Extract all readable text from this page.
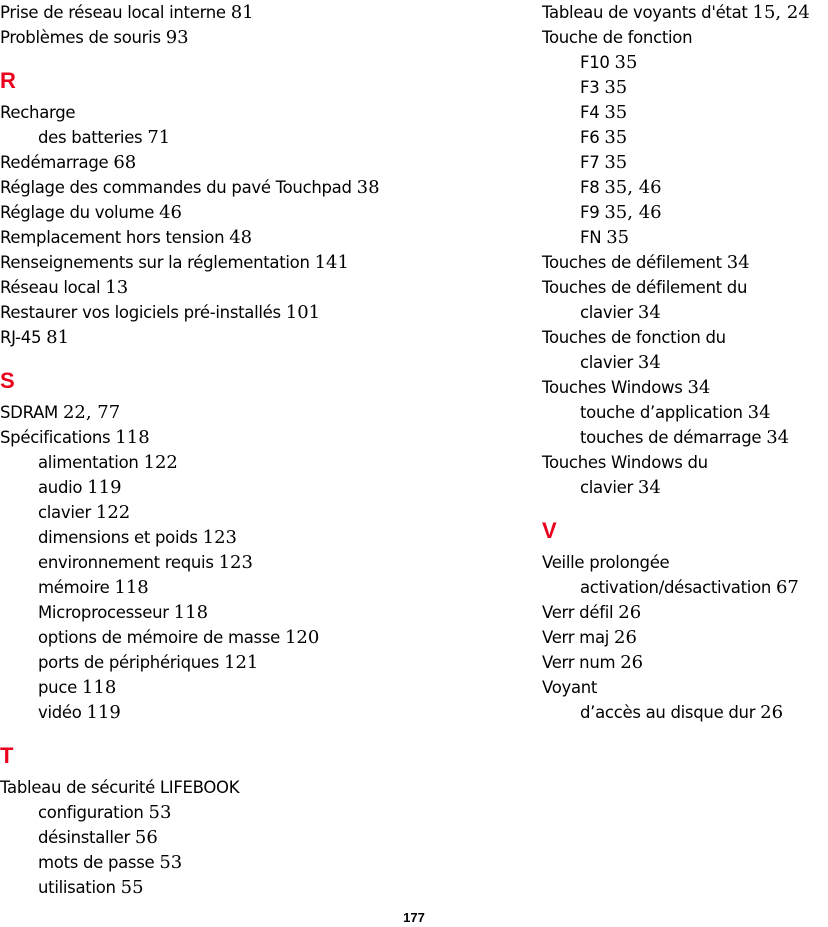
Prise de réseau local interne 81
Problèmes de souris 93
R
Recharge
des batteries 71
Redémarrage 68
Réglage des commandes du pavé Touchpad 38
Réglage du volume 46
Remplacement hors tension 48
Renseignements sur la réglementation 141
Réseau local 13
Restaurer vos logiciels pré-installés 101
RJ-45 81
S
SDRAM 22, 77
Spécifications 118
alimentation 122
audio 119
clavier 122
dimensions et poids 123
environnement requis 123
mémoire 118
Microprocesseur 118
options de mémoire de masse 120
ports de périphériques 121
puce 118
vidéo 119
T
Tableau de sécurité LIFEBOOK
configuration 53
désinstaller 56
mots de passe 53
utilisation 55
Tableau de voyants d'état 15, 24
Touche de fonction
F10 35
F3 35
F4 35
F6 35
F7 35
F8 35, 46
F9 35, 46
FN 35
Touches de défilement 34
Touches de défilement du
clavier 34
Touches de fonction du
clavier 34
Touches Windows 34
touche d’application 34
touches de démarrage 34
Touches Windows du
clavier 34
V
Veille prolongée
activation/désactivation 67
Verr défil 26
Verr maj 26
Verr num 26
Voyant
d’accès au disque dur 26
177
